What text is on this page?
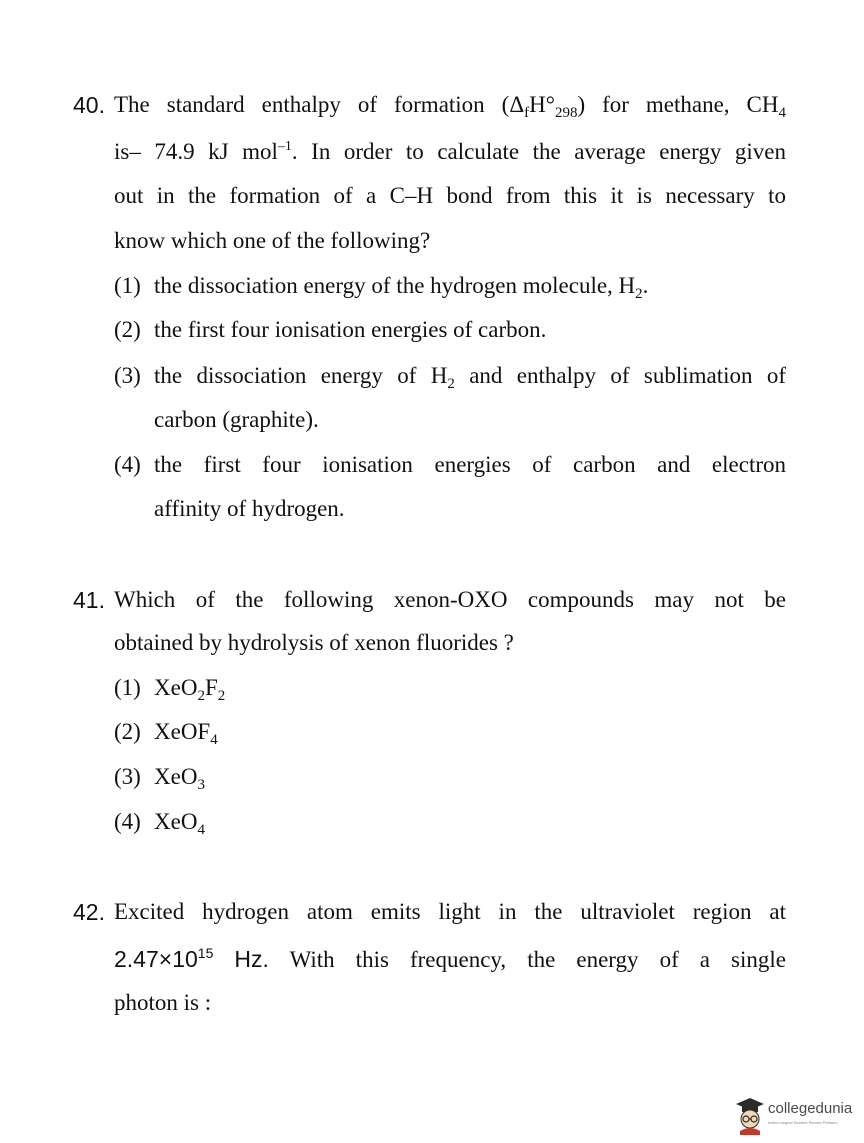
40. The standard enthalpy of formation $(\Delta_fH^\circ_{298})$ for methane, $CH_4$
is– 74.9 kJ mol$^{-1}$. In order to calculate the average energy given
out in the formation of a C–H bond from this it is necessary to
know which one of the following?
(1) the dissociation energy of the hydrogen molecule, $H_2$.
(2) the first four ionisation energies of carbon.
(3) the dissociation energy of $H_2$ and enthalpy of sublimation of
carbon (graphite).
(4) the first four ionisation energies of carbon and electron
affinity of hydrogen.
41. Which of the following xenon-OXO compounds may not be
obtained by hydrolysis of xenon fluorides ?
(1) $XeO_2F_2$
(2) XeOF$_4$
(3) XeO$_3$
(4) XeO$_4$
42. Excited hydrogen atom emits light in the ultraviolet region at
$2.47\times 10^{15}$ Hz. With this frequency, the energy of a single
photon is :
collegedunia
India's largest Student Review Platform
